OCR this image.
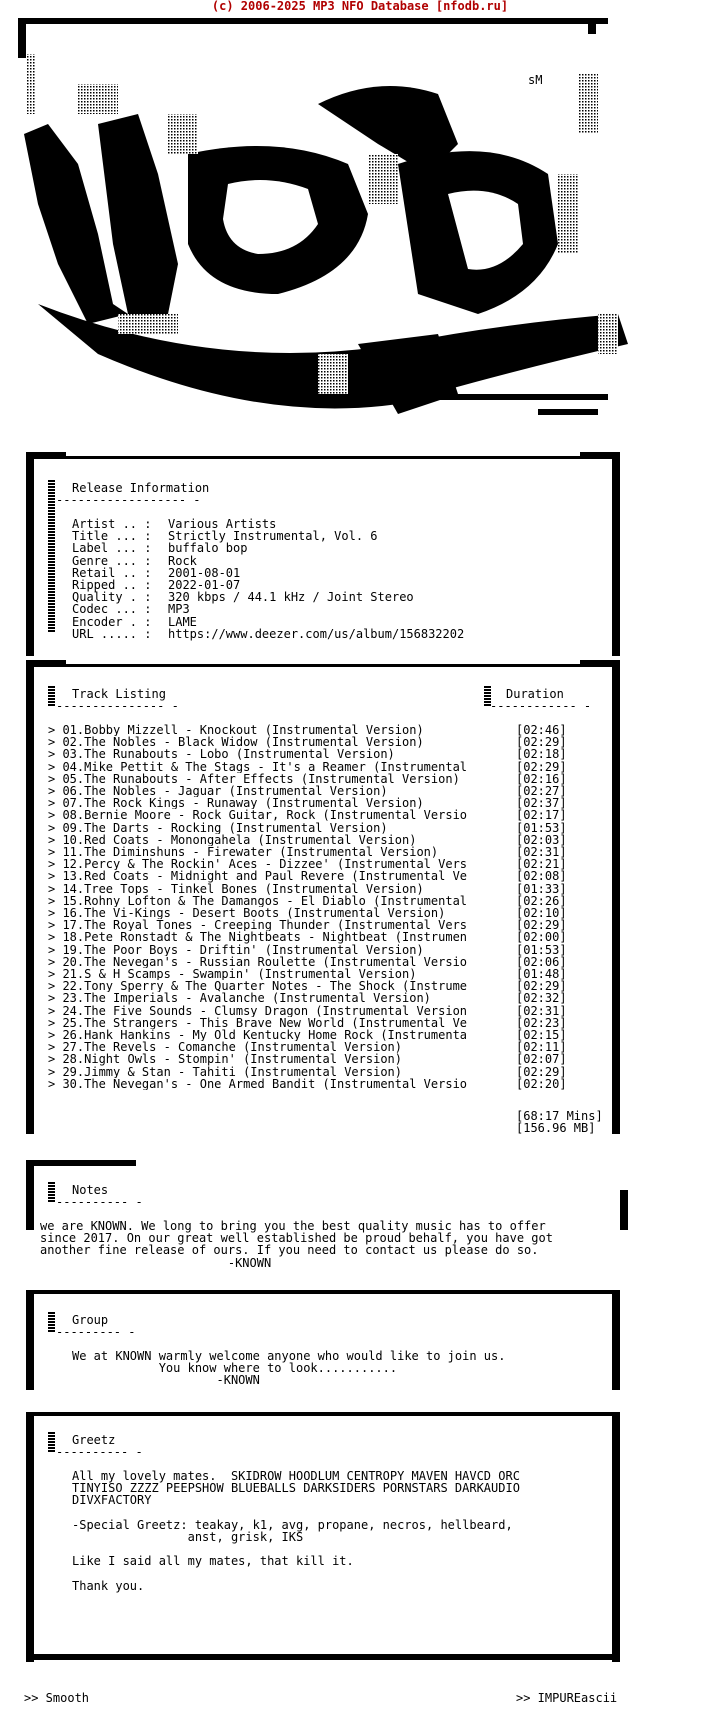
(c) 2006-2025 MP3 NFO Database [nfodb.ru]
sM
Release Information
------------------ -
Artist .. :	Various Artists
Title ... :	Strictly Instrumental, Vol. 6
Label ... :	buffalo bop
Genre ... :	Rock
Retail .. :	2001-08-01
Ripped .. :	2022-01-07
Quality . :	320 kbps / 44.1 kHz / Joint Stereo
Codec ... :	MP3
Encoder . :	LAME
URL ..... :	https://www.deezer.com/us/album/156832202
Track Listing
--------------- -
Duration
------------ -
> 01.Bobby Mizzell - Knockout (Instrumental Version)	[02:46]
> 02.The Nobles - Black Widow (Instrumental Version)	[02:29]
> 03.The Runabouts - Lobo (Instrumental Version)	[02:18]
> 04.Mike Pettit & The Stags - It's a Reamer (Instrumental	[02:29]
> 05.The Runabouts - After Effects (Instrumental Version)	[02:16]
> 06.The Nobles - Jaguar (Instrumental Version)	[02:27]
> 07.The Rock Kings - Runaway (Instrumental Version)	[02:37]
> 08.Bernie Moore - Rock Guitar, Rock (Instrumental Versio	[02:17]
> 09.The Darts - Rocking (Instrumental Version)	[01:53]
> 10.Red Coats - Monongahela (Instrumental Version)	[02:03]
> 11.The Diminshuns - Firewater (Instrumental Version)	[02:31]
> 12.Percy & The Rockin' Aces - Dizzee' (Instrumental Vers	[02:21]
> 13.Red Coats - Midnight and Paul Revere (Instrumental Ve	[02:08]
> 14.Tree Tops - Tinkel Bones (Instrumental Version)	[01:33]
> 15.Rohny Lofton & The Damangos - El Diablo (Instrumental	[02:26]
> 16.The Vi-Kings - Desert Boots (Instrumental Version)	[02:10]
> 17.The Royal Tones - Creeping Thunder (Instrumental Vers	[02:29]
> 18.Pete Ronstadt & The Nightbeats - Nightbeat (Instrumen	[02:00]
> 19.The Poor Boys - Driftin' (Instrumental Version)	[01:53]
> 20.The Nevegan's - Russian Roulette (Instrumental Versio	[02:06]
> 21.S & H Scamps - Swampin' (Instrumental Version)	[01:48]
> 22.Tony Sperry & The Quarter Notes - The Shock (Instrume	[02:29]
> 23.The Imperials - Avalanche (Instrumental Version)	[02:32]
> 24.The Five Sounds - Clumsy Dragon (Instrumental Version	[02:31]
> 25.The Strangers - This Brave New World (Instrumental Ve	[02:23]
> 26.Hank Hankins - My Old Kentucky Home Rock (Instrumenta	[02:15]
> 27.The Revels - Comanche (Instrumental Version)	[02:11]
> 28.Night Owls - Stompin' (Instrumental Version)	[02:07]
> 29.Jimmy & Stan - Tahiti (Instrumental Version)	[02:29]
> 30.The Nevegan's - One Armed Bandit (Instrumental Versio	[02:20]
[68:17 Mins]
[156.96 MB]
Notes
---------- -
we are KNOWN. We long to bring you the best quality music has to offer
since 2017. On our great well established be proud behalf, you have got
another fine release of ours. If you need to contact us please do so.
-KNOWN
Group
--------- -
We at KNOWN warmly welcome anyone who would like to join us.
You know where to look...........
-KNOWN
Greetz
---------- -
All my lovely mates.  SKIDROW HOODLUM CENTROPY MAVEN HAVCD ORC
TINYISO ZZZZ PEEPSHOW BLUEBALLS DARKSIDERS PORNSTARS DARKAUDIO
DIVXFACTORY

-Special Greetz: teakay, k1, avg, propane, necros, hellbeard,
anst, grisk, IKS

Like I said all my mates, that kill it.

Thank you.
>> Smooth	>> IMPUREascii
